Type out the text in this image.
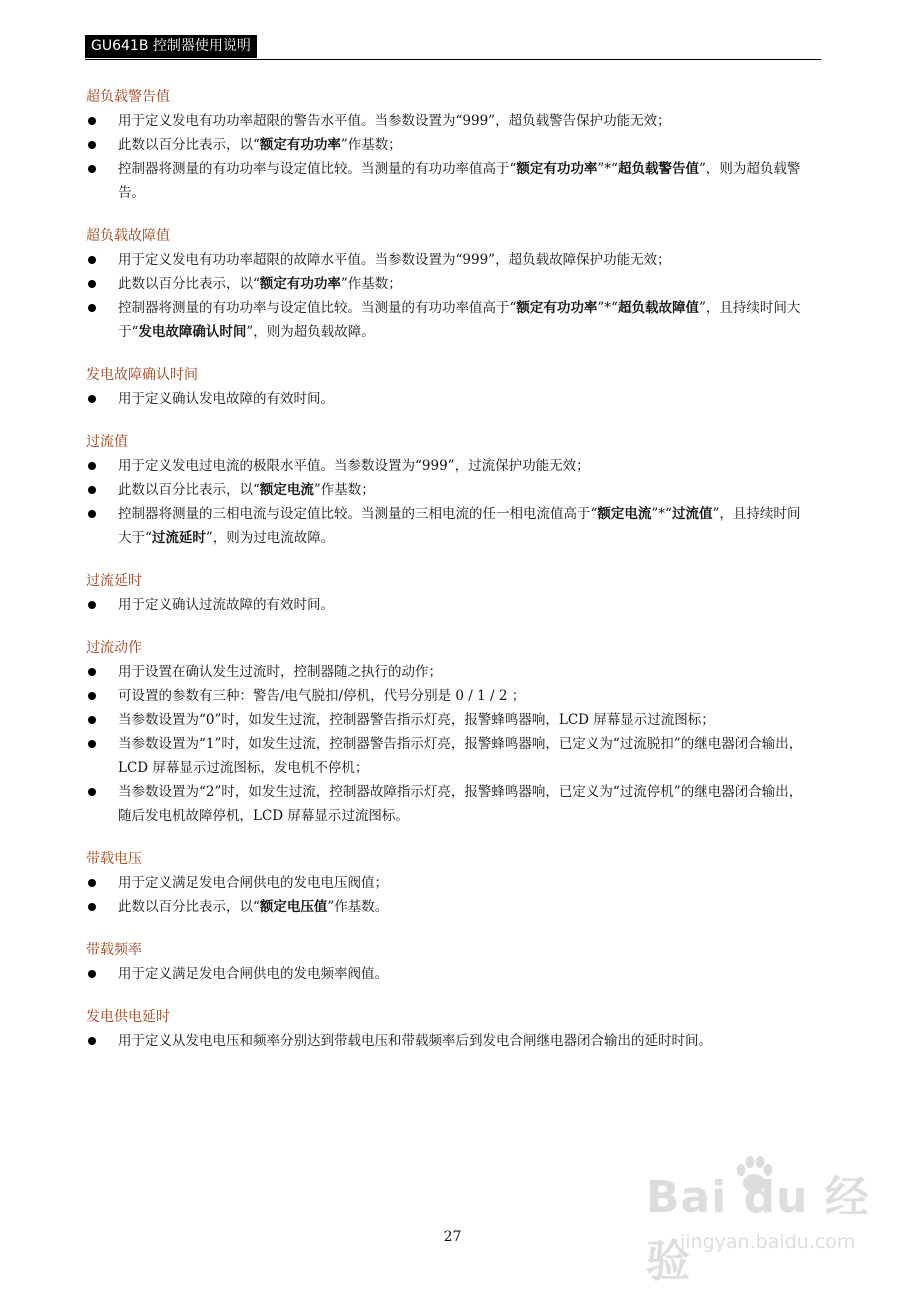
GU641B 控制器使用说明
超负载警告值
用于定义发电有功功率超限的警告水平值。当参数设置为“999”，超负载警告保护功能无效；
此数以百分比表示，以“额定有功功率”作基数；
控制器将测量的有功功率与设定值比较。当测量的有功功率值高于“额定有功功率”*“超负载警告值”，则为超负载警告。
超负载故障值
用于定义发电有功功率超限的故障水平值。当参数设置为“999”，超负载故障保护功能无效；
此数以百分比表示，以“额定有功功率”作基数；
控制器将测量的有功功率与设定值比较。当测量的有功功率值高于“额定有功功率”*“超负载故障值”，且持续时间大于“发电故障确认时间”，则为超负载故障。
发电故障确认时间
用于定义确认发电故障的有效时间。
过流值
用于定义发电过电流的极限水平值。当参数设置为“999”，过流保护功能无效；
此数以百分比表示，以“额定电流”作基数；
控制器将测量的三相电流与设定值比较。当测量的三相电流的任一相电流值高于“额定电流”*“过流值”，且持续时间大于“过流延时”，则为过电流故障。
过流延时
用于定义确认过流故障的有效时间。
过流动作
用于设置在确认发生过流时，控制器随之执行的动作；
可设置的参数有三种：警告/电气脱扣/停机，代号分别是 0 / 1 / 2 ；
当参数设置为“0”时，如发生过流，控制器警告指示灯亮，报警蜂鸣器响，LCD 屏幕显示过流图标；
当参数设置为“1”时，如发生过流，控制器警告指示灯亮，报警蜂鸣器响，已定义为“过流脱扣”的继电器闭合输出，LCD 屏幕显示过流图标，发电机不停机；
当参数设置为“2”时，如发生过流，控制器故障指示灯亮，报警蜂鸣器响，已定义为“过流停机”的继电器闭合输出，随后发电机故障停机，LCD 屏幕显示过流图标。
带载电压
用于定义满足发电合闸供电的发电电压阀值；
此数以百分比表示，以“额定电压值”作基数。
带载频率
用于定义满足发电合闸供电的发电频率阀值。
发电供电延时
用于定义从发电电压和频率分别达到带载电压和带载频率后到发电合闸继电器闭合输出的延时时间。
27
Bai du 经验
jingyan.baidu.com
